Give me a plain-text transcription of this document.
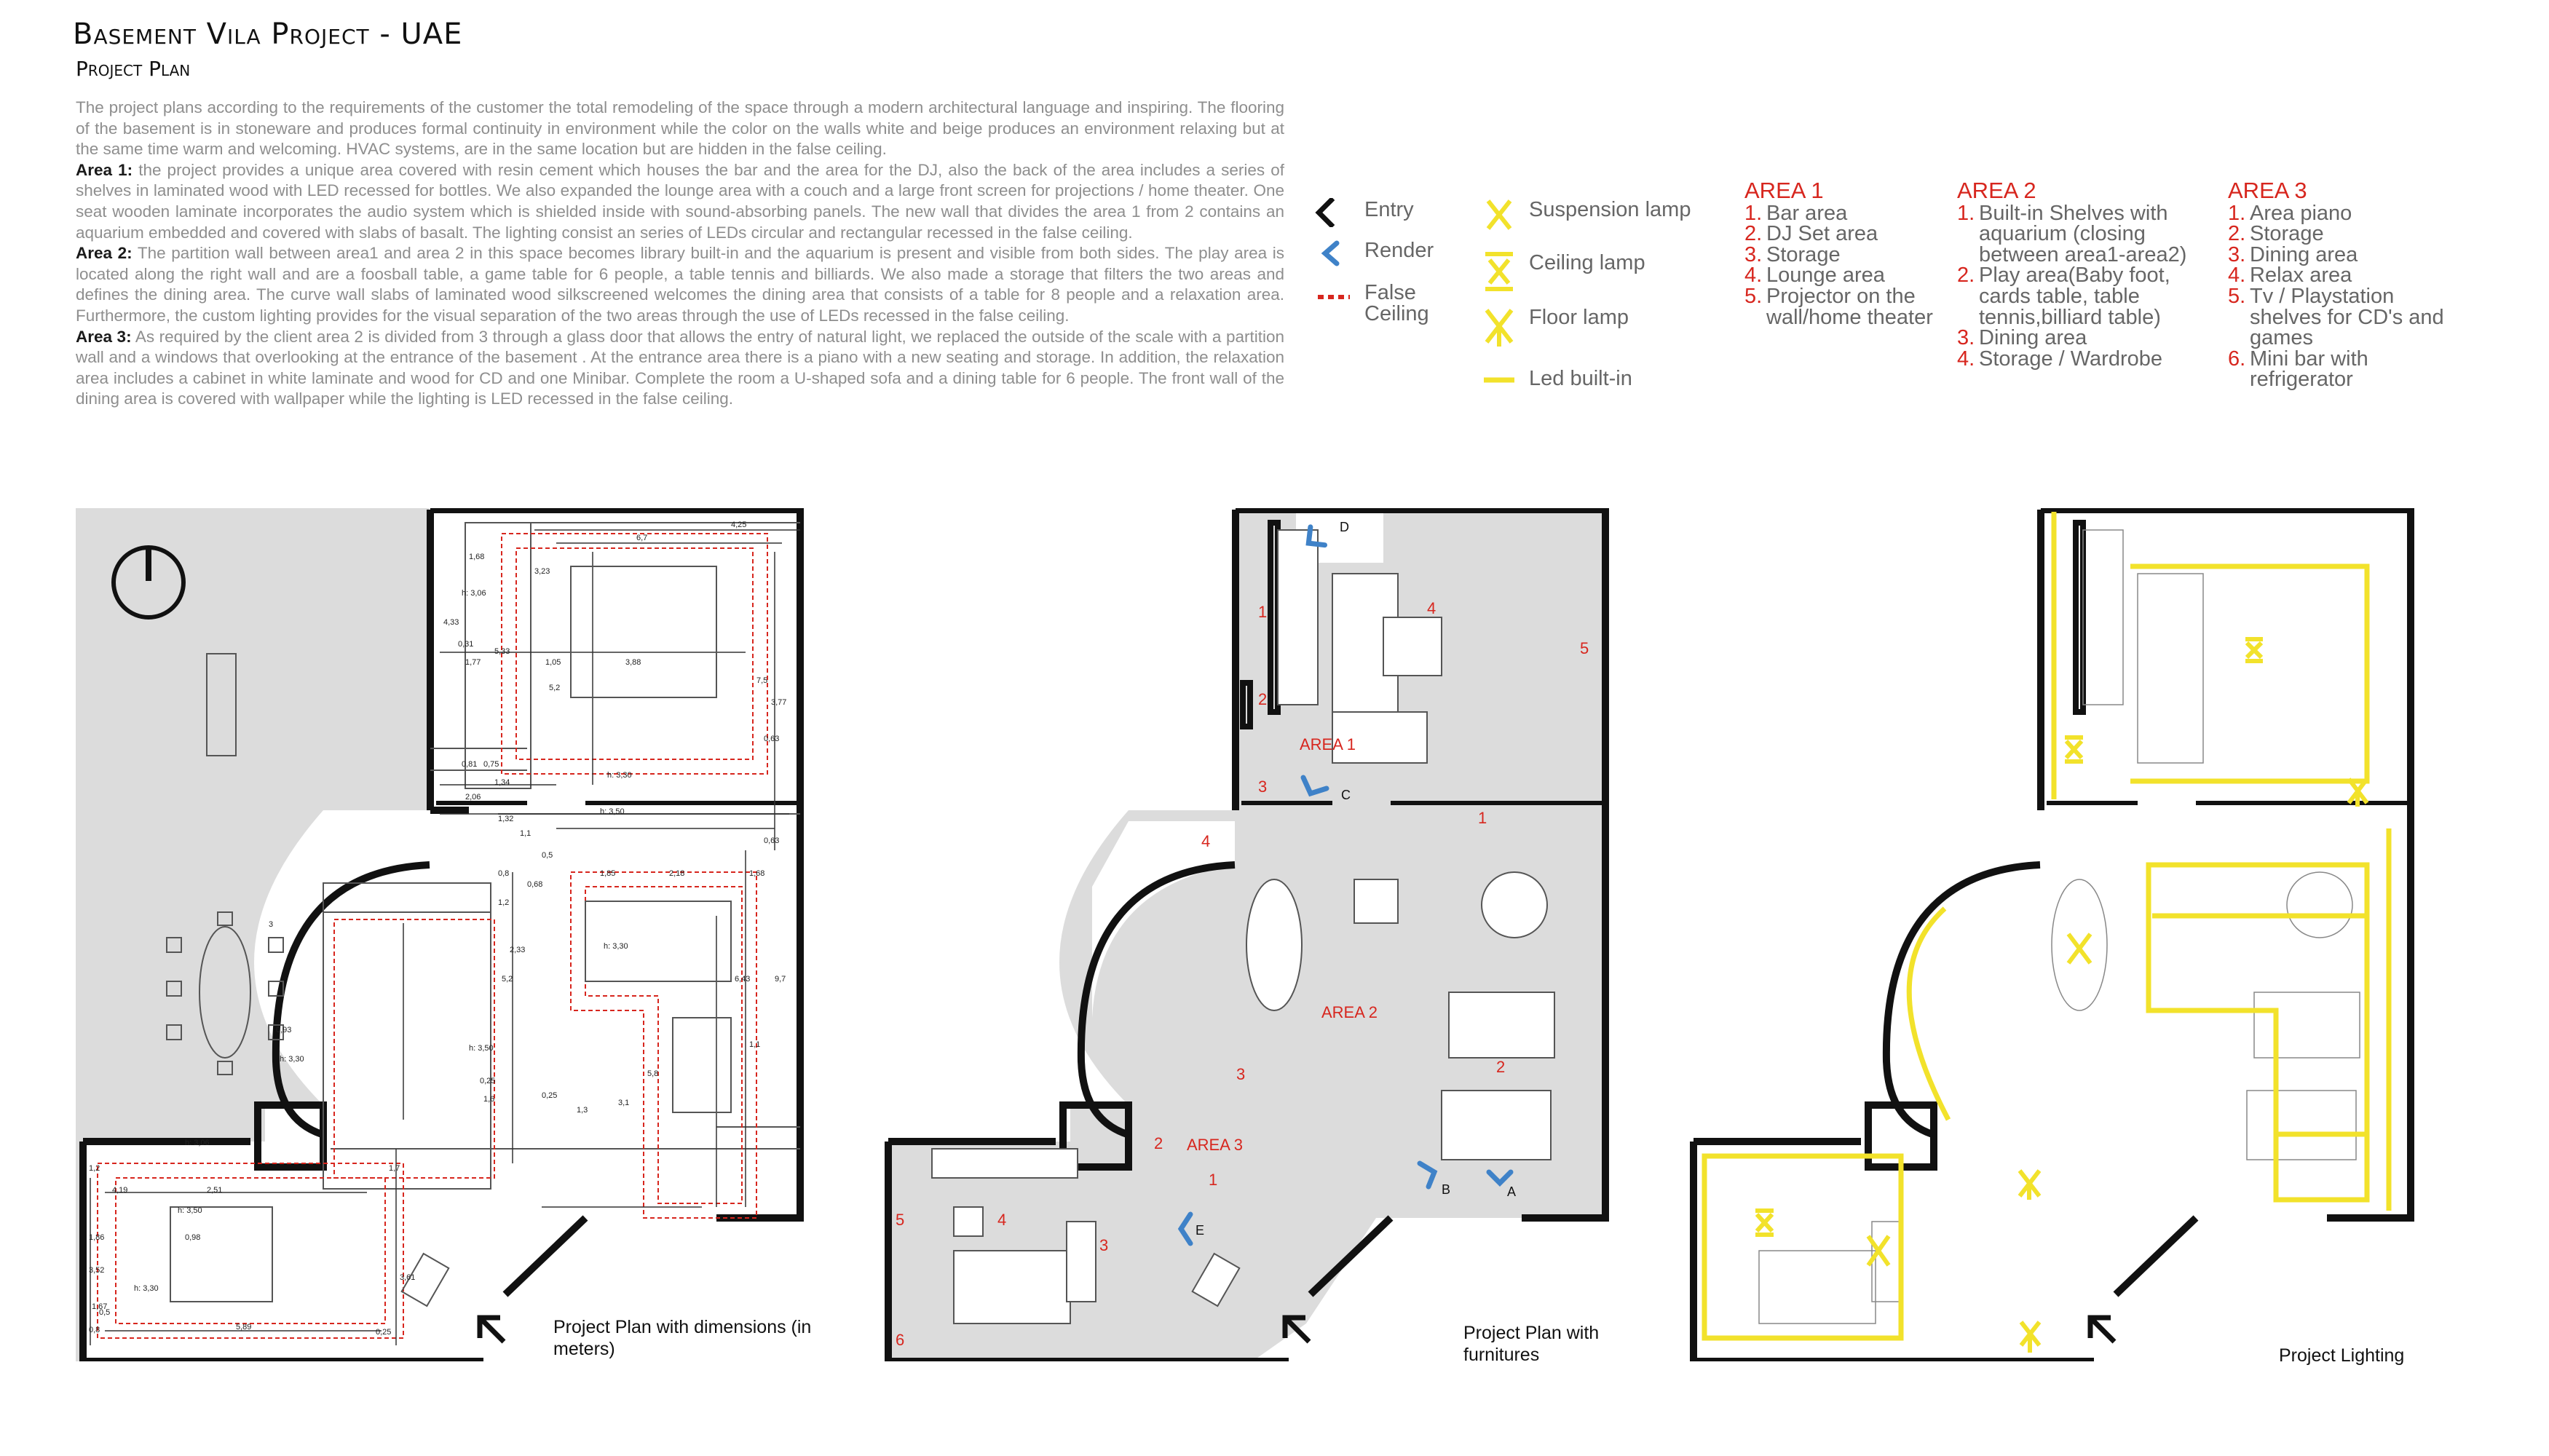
Basement Vila Project - UAE
Project Plan

The project plans according to the requirements of the customer the total remodeling of the space through a modern architectural language and inspiring. The flooring of the basement is in stoneware and produces formal continuity in environment while the color on the walls white and beige produces an environment relaxing but at the same time warm and welcoming. HVAC systems, are in the same location but are hidden in the false ceiling.

Area 1: the project provides a unique area covered with resin cement which houses the bar and the area for the DJ, also the back of the area includes a series of shelves in laminated wood with LED recessed for bottles. We also expanded the lounge area with a couch and a large front screen for projections / home theater. One seat wooden laminate incorporates the audio system which is shielded inside with sound-absorbing panels. The new wall that divides the area 1 from 2 contains an aquarium embedded and covered with slabs of basalt. The lighting consist an series of LEDs circular and rectangular recessed in the false ceiling.

Area 2: The partition wall between area1 and area 2 in this space becomes library built-in and the aquarium is present and visible from both sides. The play area is located along the right wall and are a foosball table, a game table for 6 people, a table tennis and billiards. We also made a storage that filters the two areas and defines the dining area. The curve wall slabs of laminated wood silkscreened welcomes the dining area that consists of a table for 8 people and a relaxation area. Furthermore, the custom lighting provides for the visual separation of the two areas through the use of LEDs recessed in the false ceiling.

Area 3: As required by the client area 2 is divided from 3 through a glass door that allows the entry of natural light, we replaced the outside of the scale with a partition wall and a windows that overlooking at the entrance of the basement . At the entrance area there is a piano with a new seating and storage. In addition, the relaxation area includes a cabinet in white laminate and wood for CD and one Minibar. Complete the room a U-shaped sofa and a dining table for 6 people. The front wall of the dining area is covered with wallpaper while the lighting is LED recessed in the false ceiling.

Entry
Render
False Ceiling
Suspension lamp
Ceiling lamp
Floor lamp
Led built-in
AREA 1
1. Bar area
2. DJ Set area
3. Storage
4. Lounge area
5. Projector on the wall/home theater
AREA 2
1. Built-in Shelves with aquarium (closing between area1-area2)
2. Play area(Baby foot, cards table, table tennis,billiard table)
3. Dining area
4. Storage / Wardrobe
AREA 3
1. Area piano
2. Storage
3. Dining area
4. Relax area
5. Tv / Playstation shelves for CD's and games
6. Mini bar with refrigerator
4,25
6,7
1,68
3,23
h: 3,06
4,33
0,31
5,33
1,77	1,05	3,88
5,2
7,5
3,77
0,63
0,81 0,75
1,34
2,06
h: 3,30
h: 3,50
1,32
1,1
0,63
0,5
1,85	2,18	1,68
0,8
0,68
1,2
2,33	h: 3,30
3
5,2	6,43	9,7
0,93
1,1
h: 3,50
5,8
h: 3,30
0,25
1,6	0,25
1,3
3,1
h: 3,06
1,2	1,7
4,19	2,51
h: 3,50
1,86	0,98
3,52
h: 3,30
3,61
1,67
0,5
0,8	5,89
0,25	Project Plan with dimensions (in meters)
D
C
B	A
E
AREA 1
AREA 2
AREA 3
1
2
3
4
4
5
1
2
3
1
2
3
4
5
6	Project Plan with furnitures	Project Lighting
